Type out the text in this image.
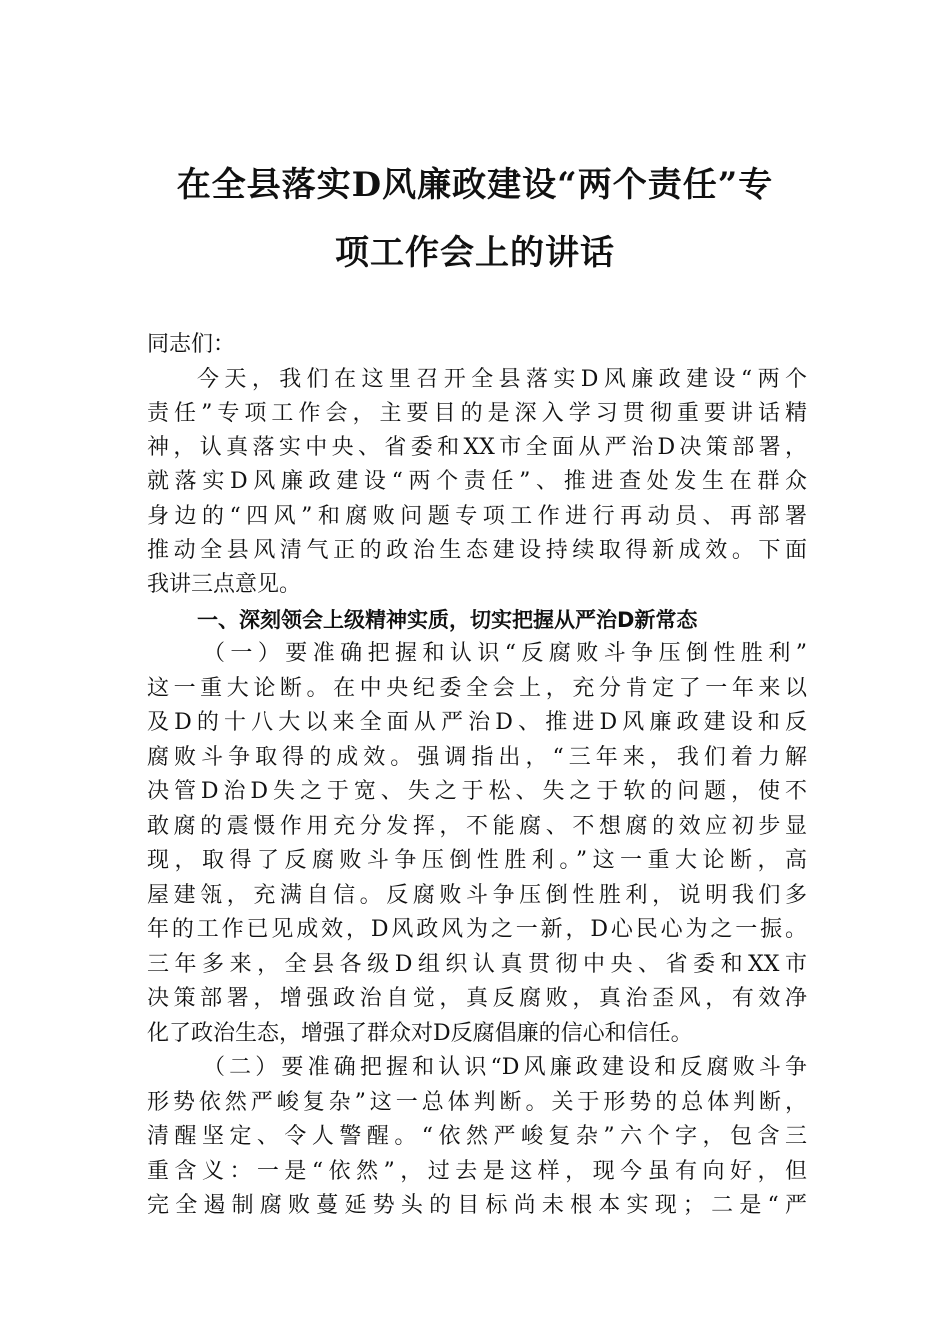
在全县落实D风廉政建设“两个责任”专
项工作会上的讲话

同志们：

今天，我们在这里召开全县落实D风廉政建设“两个

责任”专项工作会，主要目的是深入学习贯彻重要讲话精

神，认真落实中央、省委和XX市全面从严治D决策部署，

就落实D风廉政建设“两个责任”、推进查处发生在群众

身边的“四风”和腐败问题专项工作进行再动员、再部署

推动全县风清气正的政治生态建设持续取得新成效。下面

我讲三点意见。

一、深刻领会上级精神实质，切实把握从严治D新常态

（一）要准确把握和认识“反腐败斗争压倒性胜利”

这一重大论断。在中央纪委全会上，充分肯定了一年来以

及D的十八大以来全面从严治D、推进D风廉政建设和反

腐败斗争取得的成效。强调指出，“三年来，我们着力解

决管D治D失之于宽、失之于松、失之于软的问题，使不

敢腐的震慑作用充分发挥，不能腐、不想腐的效应初步显

现，取得了反腐败斗争压倒性胜利。”这一重大论断，高

屋建瓴，充满自信。反腐败斗争压倒性胜利，说明我们多

年的工作已见成效，D风政风为之一新，D心民心为之一振。

三年多来，全县各级D组织认真贯彻中央、省委和XX市

决策部署，增强政治自觉，真反腐败，真治歪风，有效净

化了政治生态，增强了群众对D反腐倡廉的信心和信任。

（二）要准确把握和认识“D风廉政建设和反腐败斗争

形势依然严峻复杂”这一总体判断。关于形势的总体判断，

清醒坚定、令人警醒。“依然严峻复杂”六个字，包含三

重含义：一是“依然”，过去是这样，现今虽有向好，但

完全遏制腐败蔓延势头的目标尚未根本实现；二是“严
